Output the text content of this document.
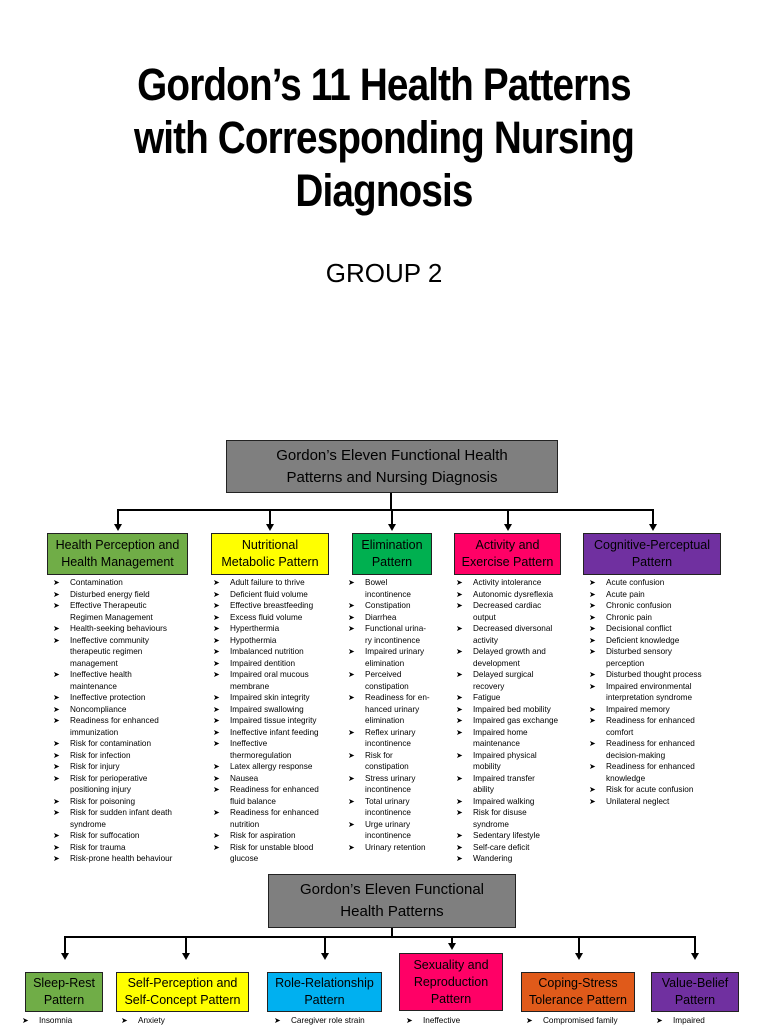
Gordon’s 11 Health Patterns
with Corresponding Nursing
Diagnosis
GROUP 2
Gordon’s Eleven Functional Health
Patterns and Nursing Diagnosis
Health Perception and
Health Management
Nutritional
Metabolic Pattern
Elimination
Pattern
Activity and
Exercise Pattern
Cognitive-Perceptual
Pattern
➤ Contamination
➤ Disturbed energy field
➤ Effective Therapeutic
Regimen Management
➤ Health-seeking behaviours
➤ Ineffective community
therapeutic regimen
management
➤ Ineffective health
maintenance
➤ Ineffective protection
➤ Noncompliance
➤ Readiness for enhanced
immunization
➤ Risk for contamination
➤ Risk for infection
➤ Risk for injury
➤ Risk for perioperative
positioning injury
➤ Risk for poisoning
➤ Risk for sudden infant death
syndrome
➤ Risk for suffocation
➤ Risk for trauma
➤ Risk-prone health behaviour
➤ Adult failure to thrive
➤ Deficient fluid volume
➤ Effective breastfeeding
➤ Excess fluid volume
➤ Hyperthermia
➤ Hypothermia
➤ Imbalanced nutrition
➤ Impaired dentition
➤ Impaired oral mucous
membrane
➤ Impaired skin integrity
➤ Impaired swallowing
➤ Impaired tissue integrity
➤ Ineffective infant feeding
➤ Ineffective
thermoregulation
➤ Latex allergy response
➤ Nausea
➤ Readiness for enhanced
fluid balance
➤ Readiness for enhanced
nutrition
➤ Risk for aspiration
➤ Risk for unstable blood
glucose
➤ Bowel
incontinence
➤ Constipation
➤ Diarrhea
➤ Functional urina-
ry incontinence
➤ Impaired urinary
elimination
➤ Perceived
constipation
➤ Readiness for en-
hanced urinary
elimination
➤ Reflex urinary
incontinence
➤ Risk for
constipation
➤ Stress urinary
incontinence
➤ Total urinary
incontinence
➤ Urge urinary
incontinence
➤ Urinary retention
➤ Activity intolerance
➤ Autonomic dysreflexia
➤ Decreased cardiac
output
➤ Decreased diversonal
activity
➤ Delayed growth and
development
➤ Delayed surgical
recovery
➤ Fatigue
➤ Impaired bed mobility
➤ Impaired gas exchange
➤ Impaired home
maintenance
➤ Impaired physical
mobility
➤ Impaired transfer
ability
➤ Impaired walking
➤ Risk for disuse
syndrome
➤ Sedentary lifestyle
➤ Self-care deficit
➤ Wandering
➤ Acute confusion
➤ Acute pain
➤ Chronic confusion
➤ Chronic pain
➤ Decisional conflict
➤ Deficient knowledge
➤ Disturbed sensory
perception
➤ Disturbed thought process
➤ Impaired environmental
interpretation syndrome
➤ Impaired memory
➤ Readiness for enhanced
comfort
➤ Readiness for enhanced
decision-making
➤ Readiness for enhanced
knowledge
➤ Risk for acute confusion
➤ Unilateral neglect
Gordon’s Eleven Functional
Health Patterns
Sleep-Rest
Pattern
Self-Perception and
Self-Concept Pattern
Role-Relationship
Pattern
Sexuality and
Reproduction
Pattern
Coping-Stress
Tolerance Pattern
Value-Belief
Pattern
➤ Insomnia	➤ Anxiety	➤ Caregiver role strain	➤ Ineffective	➤ Compromised family	➤ Impaired
